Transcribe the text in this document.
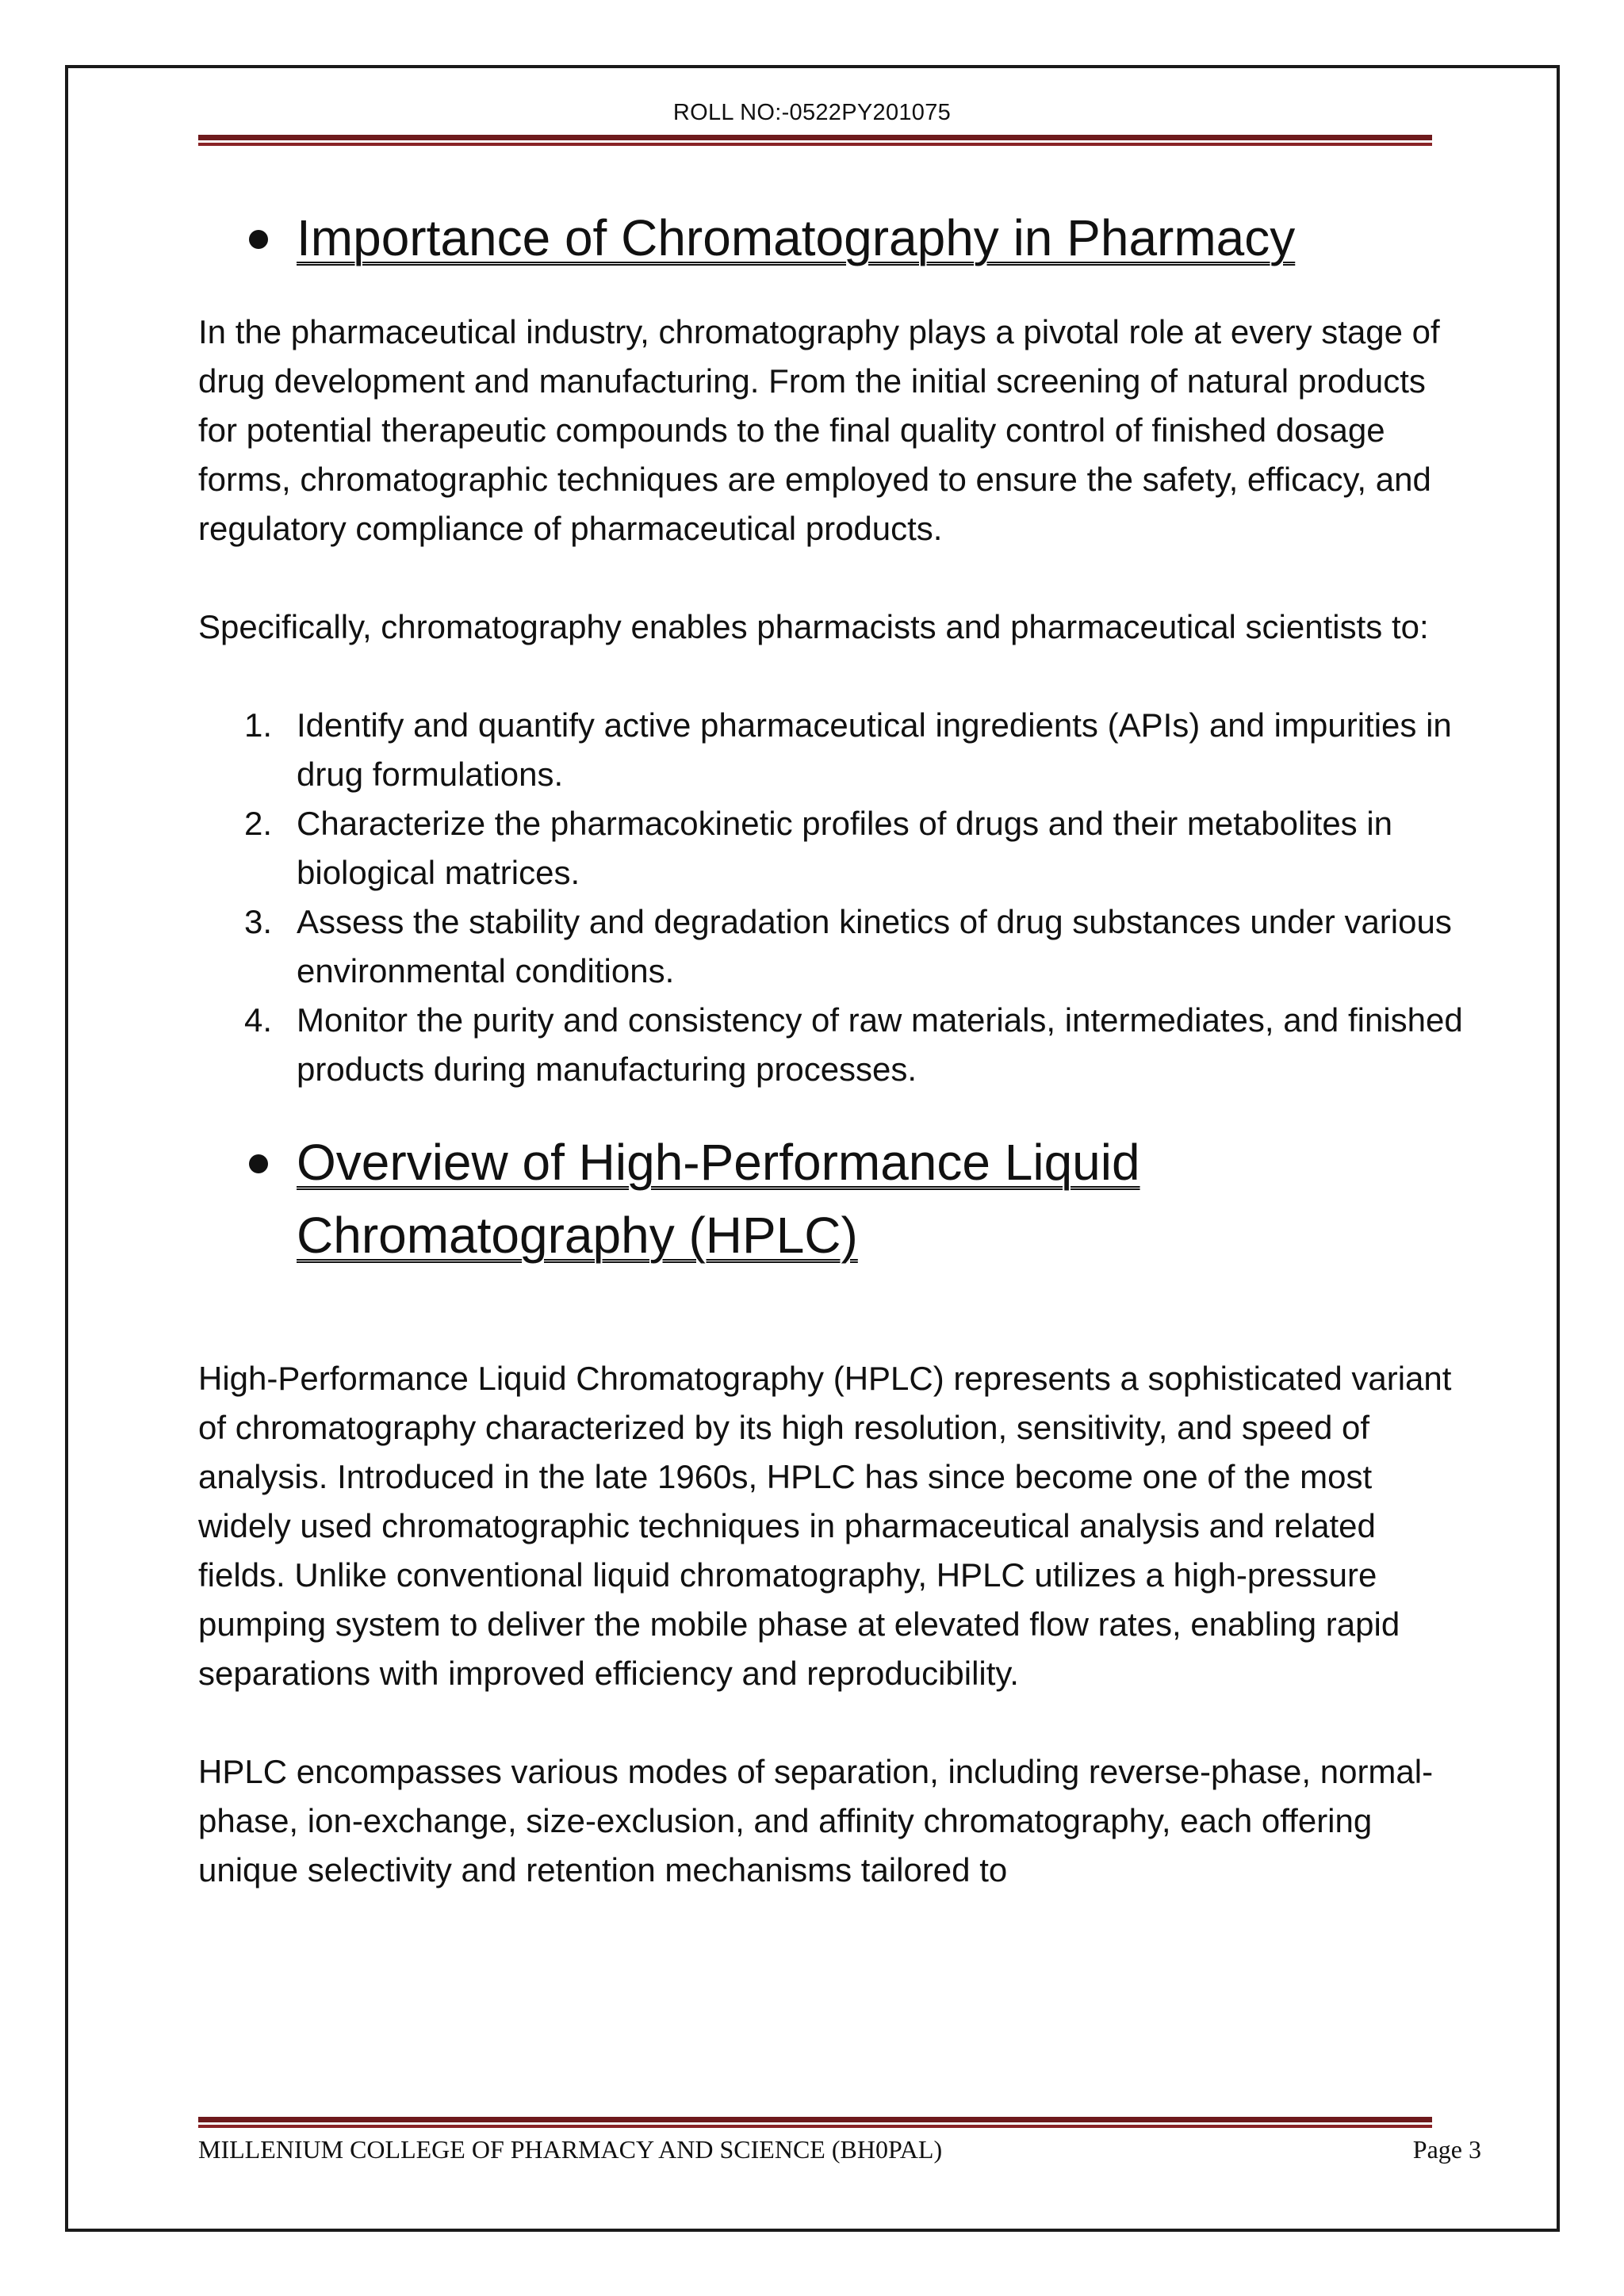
ROLL NO:-0522PY201075
Importance of Chromatography in Pharmacy

In the pharmaceutical industry, chromatography plays a pivotal role at every stage of drug development and manufacturing. From the initial screening of natural products for potential therapeutic compounds to the final quality control of finished dosage forms, chromatographic techniques are employed to ensure the safety, efficacy, and regulatory compliance of pharmaceutical products.

Specifically, chromatography enables pharmacists and pharmaceutical scientists to:

1. Identify and quantify active pharmaceutical ingredients (APIs) and impurities in drug formulations.
2. Characterize the pharmacokinetic profiles of drugs and their metabolites in biological matrices.
3. Assess the stability and degradation kinetics of drug substances under various environmental conditions.
4. Monitor the purity and consistency of raw materials, intermediates, and finished products during manufacturing processes.
Overview of High-Performance Liquid
Chromatography (HPLC)

High-Performance Liquid Chromatography (HPLC) represents a sophisticated variant of chromatography characterized by its high resolution, sensitivity, and speed of analysis. Introduced in the late 1960s, HPLC has since become one of the most widely used chromatographic techniques in pharmaceutical analysis and related fields. Unlike conventional liquid chromatography, HPLC utilizes a high-pressure pumping system to deliver the mobile phase at elevated flow rates, enabling rapid separations with improved efficiency and reproducibility.

HPLC encompasses various modes of separation, including reverse-phase, normal-phase, ion-exchange, size-exclusion, and affinity chromatography, each offering unique selectivity and retention mechanisms tailored to

MILLENIUM COLLEGE OF PHARMACY AND SCIENCE (BH0PAL)	Page 3
